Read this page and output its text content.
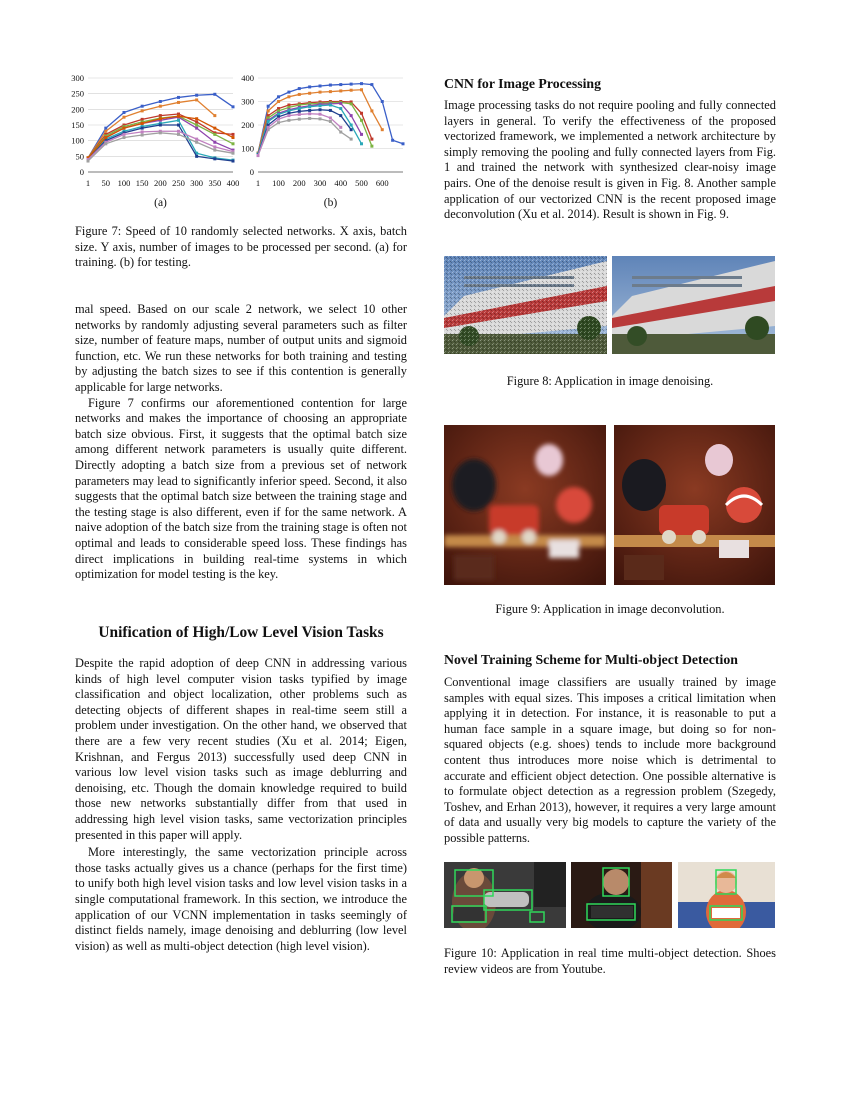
0
50
100
150
200
250
300
1 50 100 150 200 250 300 350 400
(a)
0
100
200
300
400
1 100 200 300 400 500 600
(b)
Figure 7: Speed of 10 randomly selected networks. X axis, batch size. Y axis, number of images to be processed per second. (a) for training. (b) for testing.

mal speed. Based on our scale 2 network, we select 10 other networks by randomly adjusting several parameters such as filter size, number of feature maps, number of output units and sigmoid function, etc. We run these networks for both training and testing by adjusting the batch sizes to see if this contention is generally applicable for large networks.

Figure 7 confirms our aforementioned contention for large networks and makes the importance of choosing an appropriate batch size obvious. First, it suggests that the optimal batch size among different network parameters is usually quite different. Directly adopting a batch size from a previous set of network parameters may lead to significantly inferior speed. Second, it also suggests that the optimal batch size between the training stage and the testing stage is also different, even if for the same network. A naive adoption of the batch size from the training stage is often not optimal and leads to considerable speed loss. These findings has direct implications in building real-time systems in which optimization for model testing is the key.

Unification of High/Low Level Vision Tasks

Despite the rapid adoption of deep CNN in addressing various kinds of high level computer vision tasks typified by image classification and object localization, other problems such as detecting objects of different shapes in real-time seem still a problem under investigation. On the other hand, we observed that there are a few very recent studies (Xu et al. 2014; Eigen, Krishnan, and Fergus 2013) successfully used deep CNN in various low level vision tasks such as image deblurring and denoising, etc. Though the domain knowledge required to build those new networks substantially differ from that used in addressing high level vision tasks, same vectorization principles presented in this paper will apply.

More interestingly, the same vectorization principle across those tasks actually gives us a chance (perhaps for the first time) to unify both high level vision tasks and low level vision tasks in a single computational framework. In this section, we introduce the application of our VCNN implementation in tasks seemingly of distinct fields namely, image denoising and deblurring (low level vision) as well as multi-object detection (high level vision).

CNN for Image Processing

Image processing tasks do not require pooling and fully connected layers in general. To verify the effectiveness of the proposed vectorized framework, we implemented a network architecture by simply removing the pooling and fully connected layers from Fig. 1 and trained the network with synthesized clear-noisy image pairs. One of the denoise result is given in Fig. 8. Another sample application of our vectorized CNN is the recent proposed image deconvolution (Xu et al. 2014). Result is shown in Fig. 9.

Figure 8: Application in image denoising.
Figure 9: Application in image deconvolution.
Novel Training Scheme for Multi-object Detection

Conventional image classifiers are usually trained by image samples with equal sizes. This imposes a critical limitation when applying it in detection. For instance, it is reasonable to put a human face sample in a square image, but doing so for non-squared objects (e.g. shoes) tends to include more background content thus introduces more noise which is detrimental to accurate and efficient object detection. One possible alternative is to formulate object detection as a regression problem (Szegedy, Toshev, and Erhan 2013), however, it requires a very large amount of data and usually very big models to capture the variety of the possible patterns.

Figure 10: Application in real time multi-object detection. Shoes review videos are from Youtube.
